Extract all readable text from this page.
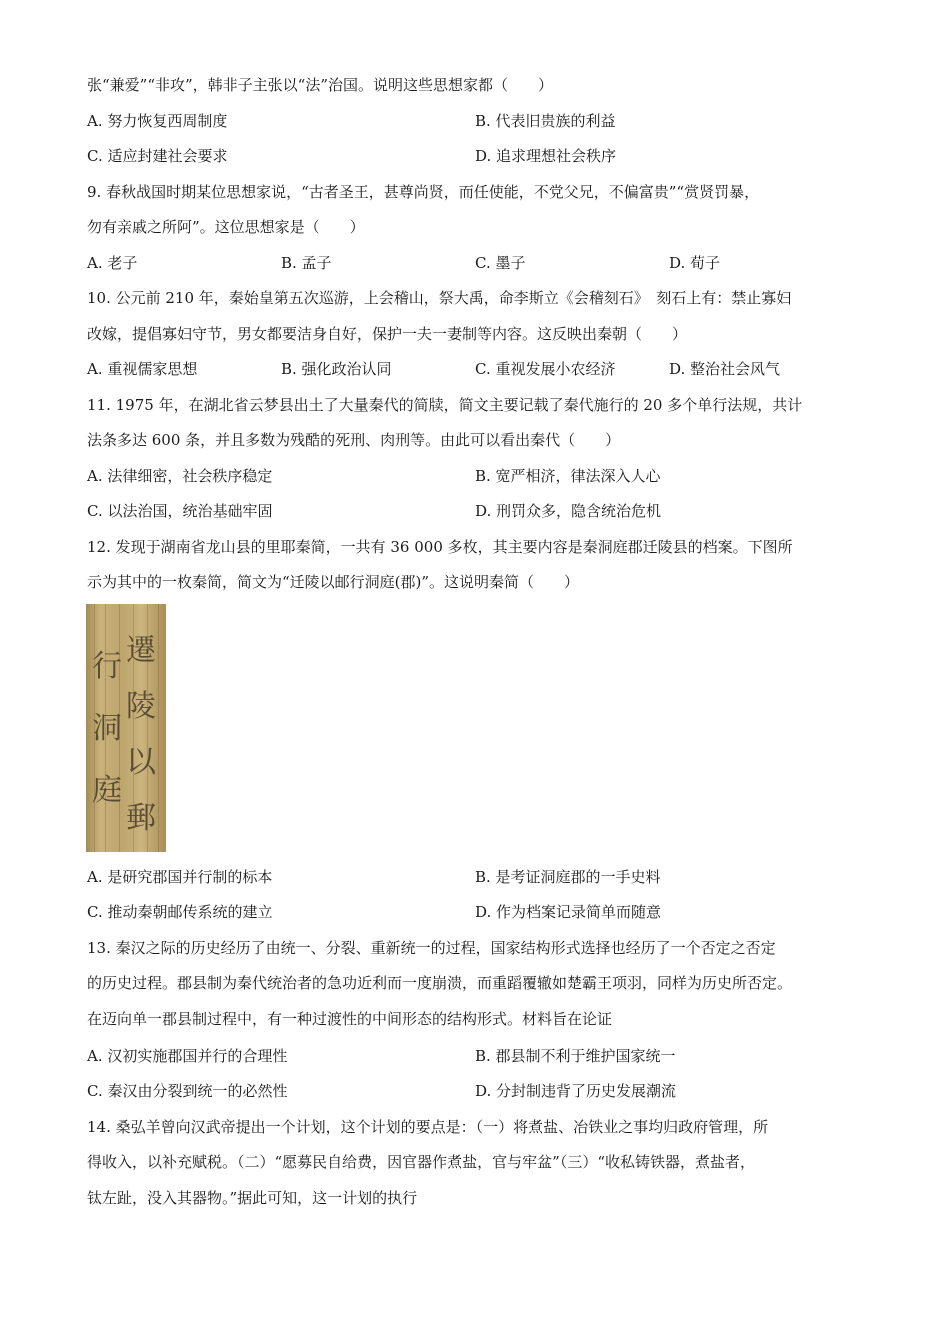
张“兼爱”“非攻”，韩非子主张以“法”治国。说明这些思想家都（　　）
A. 努力恢复西周制度	B. 代表旧贵族的利益
C. 适应封建社会要求	D. 追求理想社会秩序
9. 春秋战国时期某位思想家说，“古者圣王，甚尊尚贤，而任使能，不党父兄，不偏富贵”“赏贤罚暴，
勿有亲戚之所阿”。这位思想家是（　　）
A. 老子	B. 孟子	C. 墨子	D. 荀子
10. 公元前 210 年，秦始皇第五次巡游，上会稽山，祭大禹，命李斯立《会稽刻石》　刻石上有：禁止寡妇
改嫁，提倡寡妇守节，男女都要洁身自好，保护一夫一妻制等内容。这反映出秦朝（　　）
A. 重视儒家思想	B. 强化政治认同	C. 重视发展小农经济	D. 整治社会风气
11. 1975 年，在湖北省云梦县出土了大量秦代的简牍，简文主要记载了秦代施行的 20 多个单行法规，共计
法条多达 600 条，并且多数为残酷的死刑、肉刑等。由此可以看出秦代（　　）
A. 法律细密，社会秩序稳定	B. 宽严相济，律法深入人心
C. 以法治国，统治基础牢固	D. 刑罚众多，隐含统治危机
12. 发现于湖南省龙山县的里耶秦简，一共有 36 000 多枚，其主要内容是秦洞庭郡迁陵县的档案。下图所
示为其中的一枚秦简，简文为“迁陵以邮行洞庭(郡)”。这说明秦简（　　）
遷
陵
以
郵
行
洞
庭
A. 是研究郡国并行制的标本	B. 是考证洞庭郡的一手史料
C. 推动秦朝邮传系统的建立	D. 作为档案记录简单而随意
13. 秦汉之际的历史经历了由统一、分裂、重新统一的过程，国家结构形式选择也经历了一个否定之否定
的历史过程。郡县制为秦代统治者的急功近利而一度崩溃，而重蹈覆辙如楚霸王项羽，同样为历史所否定。
在迈向单一郡县制过程中，有一种过渡性的中间形态的结构形式。材料旨在论证
A. 汉初实施郡国并行的合理性	B. 郡县制不利于维护国家统一
C. 秦汉由分裂到统一的必然性	D. 分封制违背了历史发展潮流
14. 桑弘羊曾向汉武帝提出一个计划，这个计划的要点是：（一）将煮盐、冶铁业之事均归政府管理，所
得收入，以补充赋税。（二）“愿募民自给费，因官器作煮盐，官与牢盆”（三）“收私铸铁器，煮盐者，
钛左趾，没入其器物。”据此可知，这一计划的执行
